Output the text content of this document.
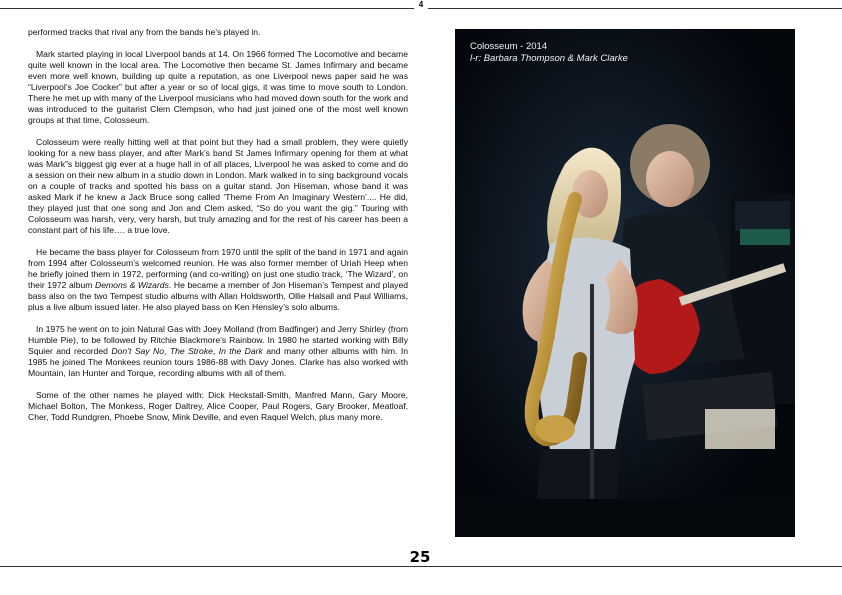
4

performed tracks that rival any from the bands he’s played in.

Mark started playing in local Liverpool bands at 14. On 1966 formed The Locomotive and became quite well known in the local area. The Locomotive then became St. James Infirmary and became even more well known, building up quite a reputation, as one Liverpool news paper said he was “Liverpool’s Joe Cocker” but after a year or so of local gigs, it was time to move south to London. There he met up with many of the Liverpool musicians who had moved down south for the work and was introduced to the guitarist Clem Clempson, who had just joined one of the most well known groups at that time, Colosseum.

Colosseum were really hitting well at that point but they had a small problem, they were quietly looking for a new bass player, and after Mark’s band St James Infirmary opening for them at what was Mark”s biggest gig ever at a huge hall in of all places, Liverpool he was asked to come and do a session on their new album in a studio down in London. Mark walked in to sing background vocals on a couple of tracks and spotted his bass on a guitar stand. Jon Hiseman, whose band it was asked Mark if he knew a Jack Bruce song called ‘Theme From An Imaginary Western’.... He did, they played just that one song and Jon and Clem asked, “So do you want the gig.” Touring with Colosseum was harsh, very, very harsh, but truly amazing and for the rest of his career has been a constant part of his life…. a true love.

He became the bass player for Colosseum from 1970 until the split of the band in 1971 and again from 1994 after Colosseum’s welcomed reunion. He was also former member of Uriah Heep when he briefly joined them in 1972, performing (and co-writing) on just one studio track, ‘The Wizard’, on their 1972 album Demons & Wizards. He became a member of Jon Hiseman’s Tempest and played bass also on the two Tempest studio albums with Allan Holdsworth, Ollie Halsall and Paul Williams, plus a live album issued later. He also played bass on Ken Hensley’s solo albums.

In 1975 he went on to join Natural Gas with Joey Molland (from Badfinger) and Jerry Shirley (from Humble Pie), to be followed by Ritchie Blackmore’s Rainbow. In 1980 he started working with Billy Squier and recorded Don’t Say No, The Stroke, In the Dark and many other albums with him. In 1985 he joined The Monkees reunion tours 1986-88 with Davy Jones. Clarke has also worked with Mountain, Ian Hunter and Torque, recording albums with all of them.

Some of the other names he played with: Dick Heckstall-Smith, Manfred Mann, Gary Moore, Michael Bolton, The Monkess, Roger Daltrey, Alice Cooper, Paul Rogers, Gary Brooker, Meatloaf, Cher, Todd Rundgren, Phoebe Snow, Mink Deville, and even Raquel Welch, plus many more.

Colosseum - 2014
l-r: Barbara Thompson & Mark Clarke
25
